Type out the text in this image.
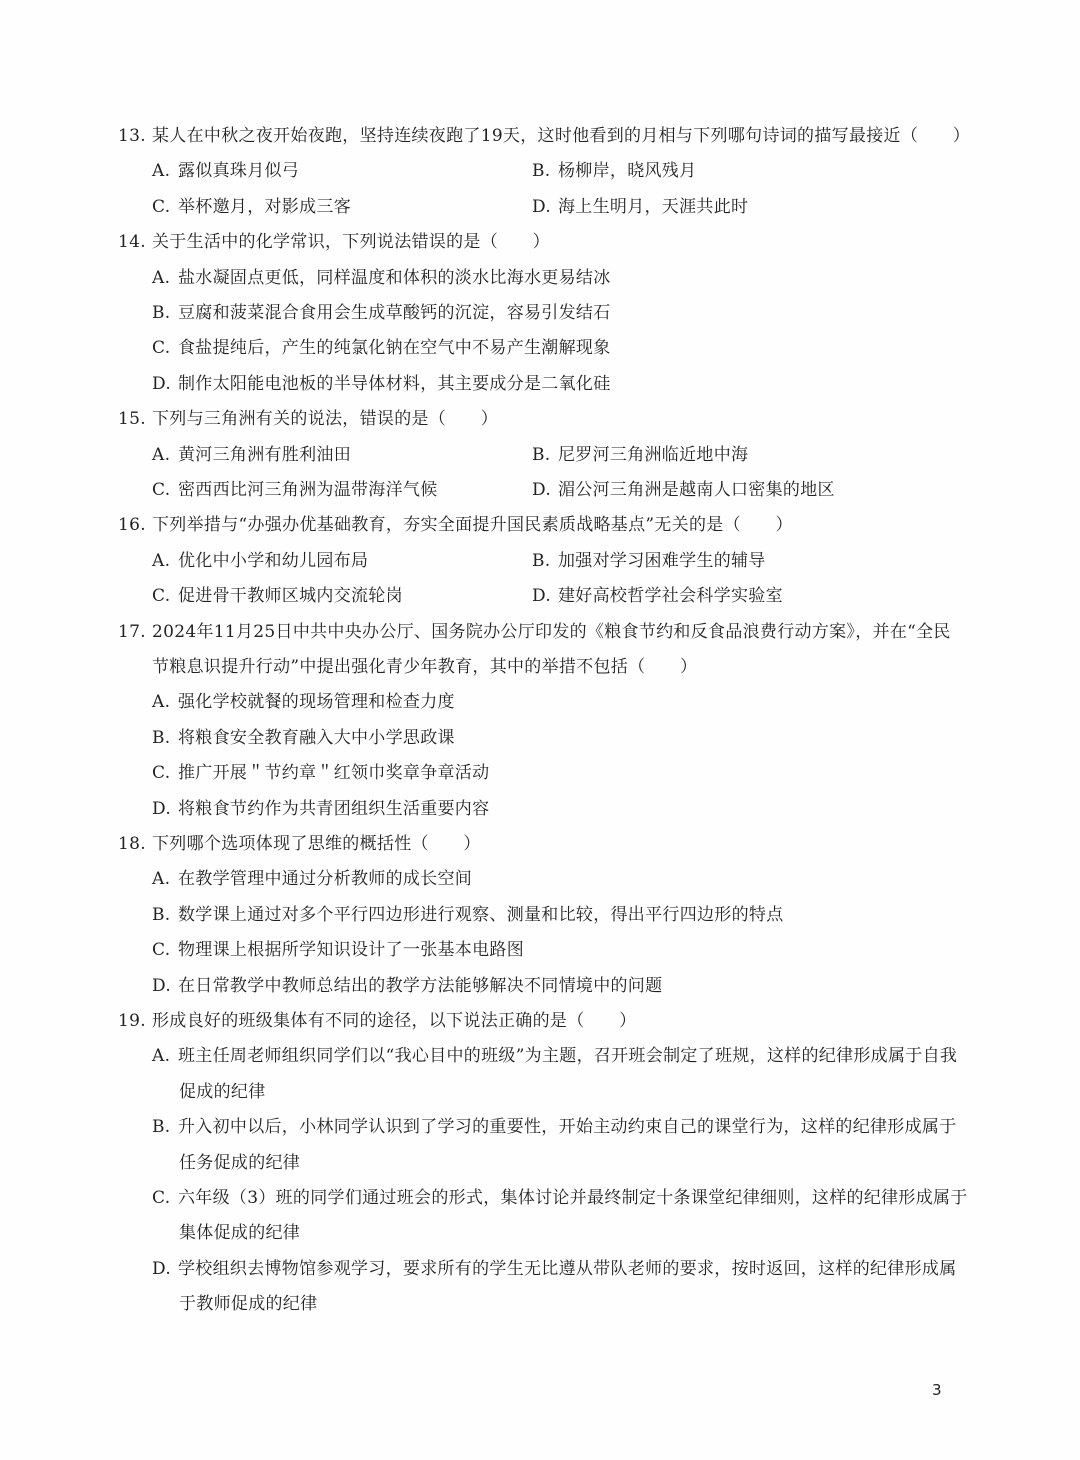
13. 某人在中秋之夜开始夜跑，坚持连续夜跑了19天，这时他看到的月相与下列哪句诗词的描写最接近（　　）
A. 露似真珠月似弓	B. 杨柳岸，晓风残月
C. 举杯邀月，对影成三客	D. 海上生明月，天涯共此时
14. 关于生活中的化学常识，下列说法错误的是（　　）
A. 盐水凝固点更低，同样温度和体积的淡水比海水更易结冰
B. 豆腐和菠菜混合食用会生成草酸钙的沉淀，容易引发结石
C. 食盐提纯后，产生的纯氯化钠在空气中不易产生潮解现象
D. 制作太阳能电池板的半导体材料，其主要成分是二氧化硅
15. 下列与三角洲有关的说法，错误的是（　　）
A. 黄河三角洲有胜利油田	B. 尼罗河三角洲临近地中海
C. 密西西比河三角洲为温带海洋气候	D. 湄公河三角洲是越南人口密集的地区
16. 下列举措与“办强办优基础教育，夯实全面提升国民素质战略基点”无关的是（　　）
A. 优化中小学和幼儿园布局	B. 加强对学习困难学生的辅导
C. 促进骨干教师区城内交流轮岗	D. 建好高校哲学社会科学实验室
17. 2024年11月25日中共中央办公厅、国务院办公厅印发的《粮食节约和反食品浪费行动方案》，并在“全民
节粮息识提升行动”中提出强化青少年教育，其中的举措不包括（　　）
A. 强化学校就餐的现场管理和检查力度
B. 将粮食安全教育融入大中小学思政课
C. 推广开展＂节约章＂红领巾奖章争章活动
D. 将粮食节约作为共青团组织生活重要内容
18. 下列哪个选项体现了思维的概括性（　　）
A. 在教学管理中通过分析教师的成长空间
B. 数学课上通过对多个平行四边形进行观察、测量和比较，得出平行四边形的特点
C. 物理课上根据所学知识设计了一张基本电路图
D. 在日常教学中教师总结出的教学方法能够解决不同情境中的问题
19. 形成良好的班级集体有不同的途径，以下说法正确的是（　　）
A. 班主任周老师组织同学们以“我心目中的班级”为主题，召开班会制定了班规，这样的纪律形成属于自我
促成的纪律
B. 升入初中以后，小林同学认识到了学习的重要性，开始主动约束自己的课堂行为，这样的纪律形成属于
任务促成的纪律
C. 六年级（3）班的同学们通过班会的形式，集体讨论并最终制定十条课堂纪律细则，这样的纪律形成属于
集体促成的纪律
D. 学校组织去博物馆参观学习，要求所有的学生无比遵从带队老师的要求，按时返回，这样的纪律形成属
于教师促成的纪律
3
